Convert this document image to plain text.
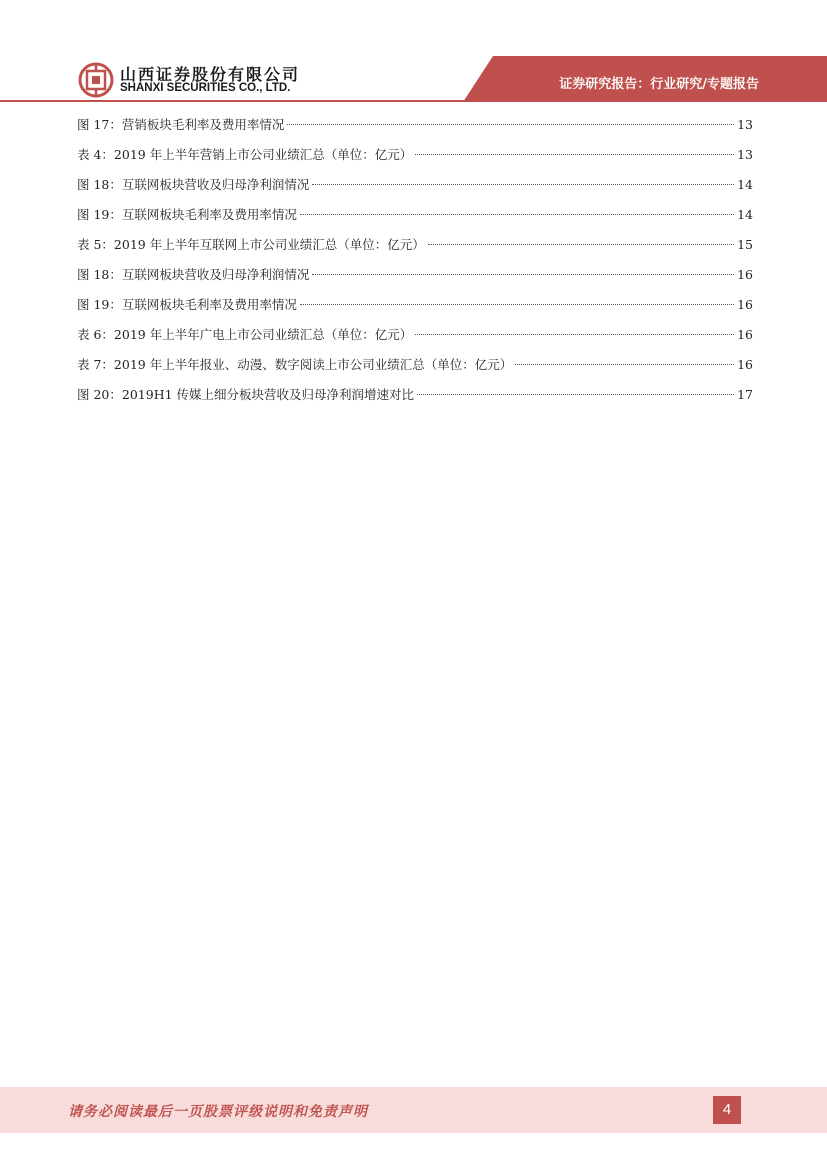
山西证券股份有限公司
SHANXI SECURITIES CO., LTD.	证券研究报告：行业研究/专题报告
图 17：营销板块毛利率及费用率情况	13
表 4：2019 年上半年营销上市公司业绩汇总（单位：亿元）	13
图 18：互联网板块营收及归母净利润情况	14
图 19：互联网板块毛利率及费用率情况	14
表 5：2019 年上半年互联网上市公司业绩汇总（单位：亿元）	15
图 18：互联网板块营收及归母净利润情况	16
图 19：互联网板块毛利率及费用率情况	16
表 6：2019 年上半年广电上市公司业绩汇总（单位：亿元）	16
表 7：2019 年上半年报业、动漫、数字阅读上市公司业绩汇总（单位：亿元）	16
图 20：2019H1 传媒上细分板块营收及归母净利润增速对比	17
请务必阅读最后一页股票评级说明和免责声明	4
